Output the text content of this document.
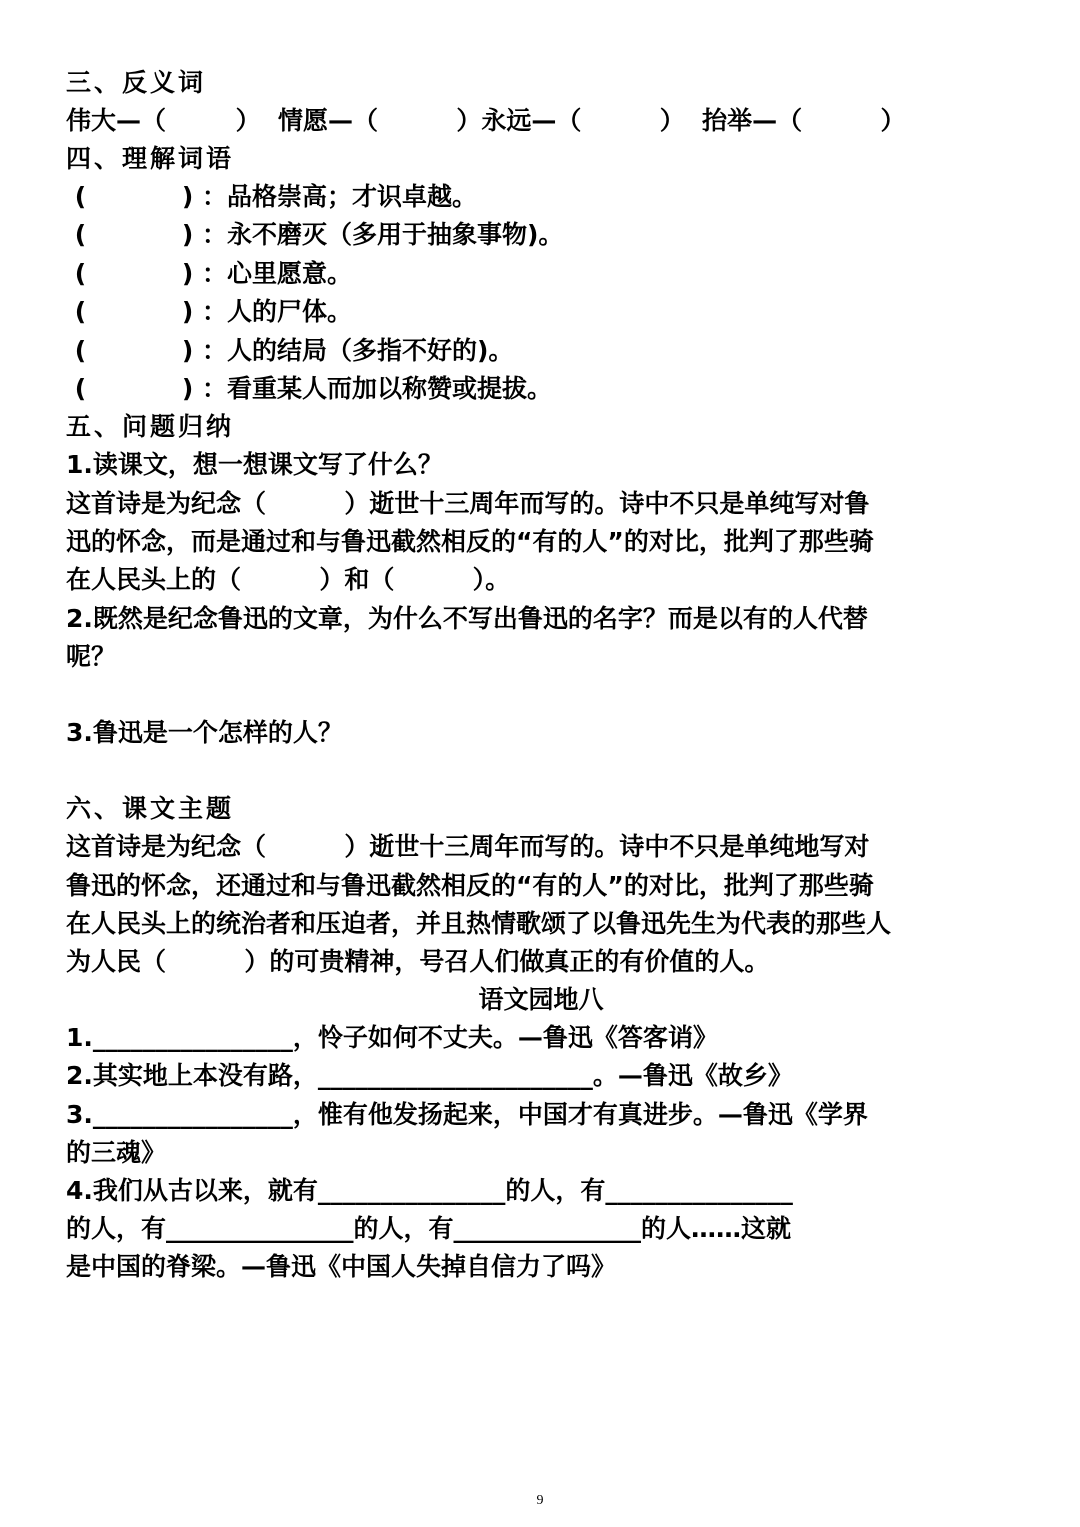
三、反义词
伟大—（        ）  情愿—（         ）永远—（         ）  抬举—（         ）
四、理解词语
(           ) ：品格崇高；才识卓越。
(           ) ：永不磨灭（多用于抽象事物)。
(           ) ：心里愿意。
(           ) ：人的尸体。
(           ) ：人的结局（多指不好的)。
(           ) ：看重某人而加以称赞或提拔。
五、问题归纳
1.读课文，想一想课文写了什么？
这首诗是为纪念（         ）逝世十三周年而写的。诗中不只是单纯写对鲁
迅的怀念，而是通过和与鲁迅截然相反的“有的人”的对比，批判了那些骑
在人民头上的（         ）和（         ）。
2.既然是纪念鲁迅的文章，为什么不写出鲁迅的名字？而是以有的人代替
呢？
3.鲁迅是一个怎样的人？
六、课文主题
这首诗是为纪念（         ）逝世十三周年而写的。诗中不只是单纯地写对
鲁迅的怀念，还通过和与鲁迅截然相反的“有的人”的对比，批判了那些骑
在人民头上的统治者和压迫者，并且热情歌颂了以鲁迅先生为代表的那些人
为人民（         ）的可贵精神，号召人们做真正的有价值的人。
语文园地八
1.________________，怜子如何不丈夫。—鲁迅《答客诮》
2.其实地上本没有路，______________________。—鲁迅《故乡》
3.________________，惟有他发扬起来，中国才有真进步。—鲁迅《学界
的三魂》
4.我们从古以来，就有_______________的人，有_______________
的人，有_______________的人，有_______________的人……这就
是中国的脊梁。—鲁迅《中国人失掉自信力了吗》
9
